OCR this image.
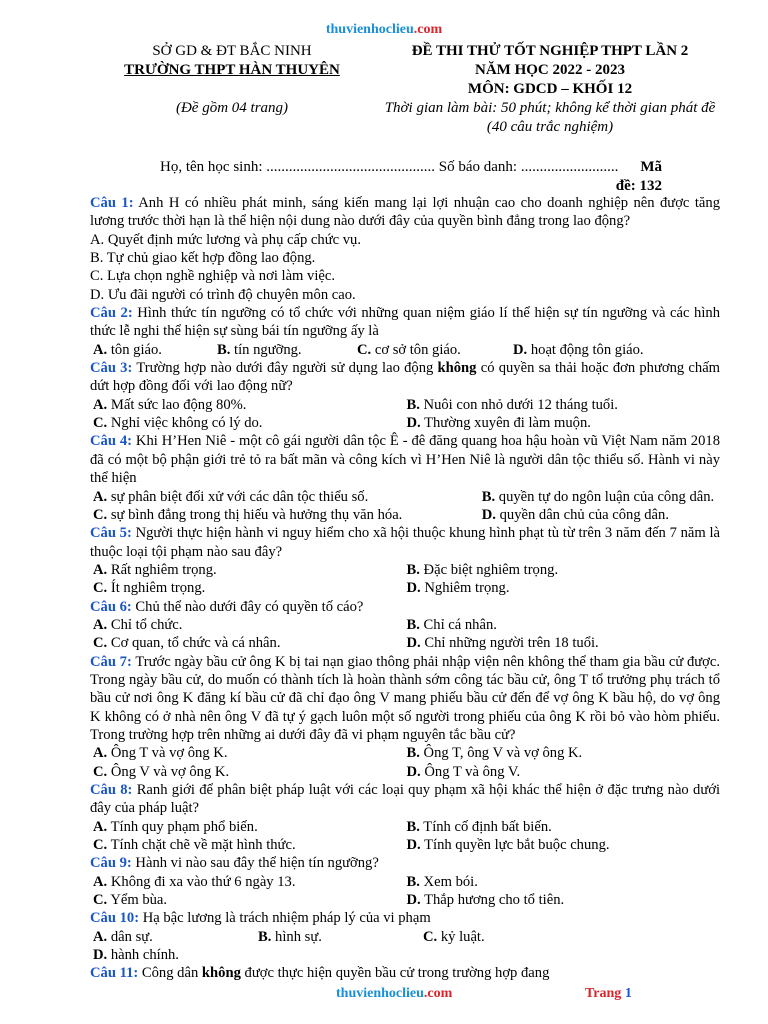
thuvienhoclieu.com
SỞ GD & ĐT BẮC NINH
TRƯỜNG THPT HÀN THUYÊN
(Đề gồm 04 trang)
ĐỀ THI THỬ TỐT NGHIỆP THPT LẦN 2
NĂM HỌC 2022 - 2023
MÔN: GDCD – KHỐI 12
Thời gian làm bài: 50 phút; không kể thời gian phát đề
(40 câu trắc nghiệm)
Họ, tên học sinh: ............................................. Số báo danh: ..........................	Mã
đề: 132
Câu 1: Anh H có nhiều phát minh, sáng kiến mang lại lợi nhuận cao cho doanh nghiệp nên được tăng lương trước thời hạn là thể hiện nội dung nào dưới đây của quyền bình đẳng trong lao động?
A. Quyết định mức lương và phụ cấp chức vụ.
B. Tự chủ giao kết hợp đồng lao động.
C. Lựa chọn nghề nghiệp và nơi làm việc.
D. Ưu đãi người có trình độ chuyên môn cao.
Câu 2: Hình thức tín ngưỡng có tổ chức với những quan niệm giáo lí thể hiện sự tín ngưỡng và các hình thức lễ nghi thể hiện sự sùng bái tín ngưỡng ấy là
A. tôn giáo.	B. tín ngưỡng.	C. cơ sở tôn giáo.	D. hoạt động tôn giáo.
Câu 3: Trường hợp nào dưới đây người sử dụng lao động không có quyền sa thải hoặc đơn phương chấm dứt hợp đồng đối với lao động nữ?
A. Mất sức lao động 80%.	B. Nuôi con nhỏ dưới 12 tháng tuổi.
C. Nghỉ việc không có lý do.	D. Thường xuyên đi làm muộn.
Câu 4: Khi H’Hen Niê - một cô gái người dân tộc Ê - đê đăng quang hoa hậu hoàn vũ Việt Nam năm 2018 đã có một bộ phận giới trẻ tỏ ra bất mãn và công kích vì H’Hen Niê là người dân tộc thiểu số. Hành vi này thể hiện
A. sự phân biệt đối xử với các dân tộc thiểu số.	B. quyền tự do ngôn luận của công dân.
C. sự bình đẳng trong thị hiếu và hưởng thụ văn hóa.	D. quyền dân chủ của công dân.
Câu 5: Người thực hiện hành vi nguy hiểm cho xã hội thuộc khung hình phạt tù từ trên 3 năm đến 7 năm là thuộc loại tội phạm nào sau đây?
A. Rất nghiêm trọng.	B. Đặc biệt nghiêm trọng.
C. Ít nghiêm trọng.	D. Nghiêm trọng.
Câu 6: Chủ thể nào dưới đây có quyền tố cáo?
A. Chỉ tổ chức.	B. Chỉ cá nhân.
C. Cơ quan, tổ chức và cá nhân.	D. Chỉ những người trên 18 tuổi.
Câu 7: Trước ngày bầu cử ông K bị tai nạn giao thông phải nhập viện nên không thể tham gia bầu cử được. Trong ngày bầu cử, do muốn có thành tích là hoàn thành sớm công tác bầu cử, ông T tổ trưởng phụ trách tổ bầu cử nơi ông K đăng kí bầu cử đã chỉ đạo ông V mang phiếu bầu cử đến để vợ ông K bầu hộ, do vợ ông K không có ở nhà nên ông V đã tự ý gạch luôn một số người trong phiếu của ông K rồi bỏ vào hòm phiếu. Trong trường hợp trên những ai dưới đây đã vi phạm nguyên tắc bầu cử?
A. Ông T và vợ ông K.	B. Ông T, ông V và vợ ông K.
C. Ông V và vợ ông K.	D. Ông T và ông V.
Câu 8: Ranh giới để phân biệt pháp luật với các loại quy phạm xã hội khác thể hiện ở đặc trưng nào dưới đây của pháp luật?
A. Tính quy phạm phổ biến.	B. Tính cố định bất biến.
C. Tính chặt chẽ về mặt hình thức.	D. Tính quyền lực bắt buộc chung.
Câu 9: Hành vi nào sau đây thể hiện tín ngưỡng?
A. Không đi xa vào thứ 6 ngày 13.	B. Xem bói.
C. Yểm bùa.	D. Thắp hương cho tổ tiên.
Câu 10: Hạ bậc lương là trách nhiệm pháp lý của vi phạm
A. dân sự.	B. hình sự.	C. kỷ luật.
D. hành chính.
Câu 11: Công dân không được thực hiện quyền bầu cử trong trường hợp đang
thuvienhoclieu.com	Trang 1
